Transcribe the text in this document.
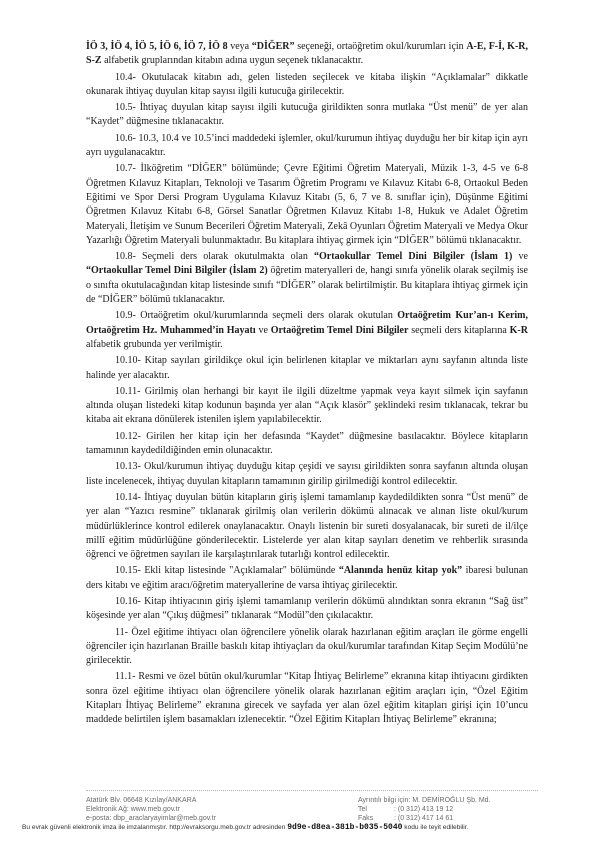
İÖ 3, İÖ 4, İÖ 5, İÖ 6, İÖ 7, İÖ 8 veya “DİĞER” seçeneği, ortaöğretim okul/kurumları için A-E, F-İ, K-R, S-Z alfabetik gruplarından kitabın adına uygun seçenek tıklanacaktır.

10.4- Okutulacak kitabın adı, gelen listeden seçilecek ve kitaba ilişkin “Açıklamalar” dikkatle okunarak ihtiyaç duyulan kitap sayısı ilgili kutucuğa girilecektir.

10.5- İhtiyaç duyulan kitap sayısı ilgili kutucuğa girildikten sonra mutlaka “Üst menü” de yer alan “Kaydet” düğmesine tıklanacaktır.

10.6- 10.3, 10.4 ve 10.5’inci maddedeki işlemler, okul/kurumun ihtiyaç duyduğu her bir kitap için ayrı ayrı uygulanacaktır.

10.7- İlköğretim “DİĞER” bölümünde; Çevre Eğitimi Öğretim Materyali, Müzik 1-3, 4-5 ve 6-8 Öğretmen Kılavuz Kitapları, Teknoloji ve Tasarım Öğretim Programı ve Kılavuz Kitabı 6-8, Ortaokul Beden Eğitimi ve Spor Dersi Program Uygulama Kılavuz Kitabı (5, 6, 7 ve 8. sınıflar için), Düşünme Eğitimi Öğretmen Kılavuz Kitabı 6-8, Görsel Sanatlar Öğretmen Kılavuz Kitabı 1-8, Hukuk ve Adalet Öğretim Materyali, İletişim ve Sunum Becerileri Öğretim Materyali, Zekâ Oyunları Öğretim Materyali ve Medya Okur Yazarlığı Öğretim Materyali bulunmaktadır. Bu kitaplara ihtiyaç girmek için “DİĞER” bölümü tıklanacaktır.

10.8- Seçmeli ders olarak okutulmakta olan “Ortaokullar Temel Dini Bilgiler (İslam 1) ve “Ortaokullar Temel Dini Bilgiler (İslam 2) öğretim materyalleri de, hangi sınıfa yönelik olarak seçilmiş ise o sınıfta okutulacağından kitap listesinde sınıfı “DİĞER” olarak belirtilmiştir. Bu kitaplara ihtiyaç girmek için de “DİĞER” bölümü tıklanacaktır.

10.9- Ortaöğretim okul/kurumlarında seçmeli ders olarak okutulan Ortaöğretim Kur’an-ı Kerim, Ortaöğretim Hz. Muhammed’in Hayatı ve Ortaöğretim Temel Dini Bilgiler seçmeli ders kitaplarına K-R alfabetik grubunda yer verilmiştir.

10.10- Kitap sayıları girildikçe okul için belirlenen kitaplar ve miktarları aynı sayfanın altında liste halinde yer alacaktır.

10.11- Girilmiş olan herhangi bir kayıt ile ilgili düzeltme yapmak veya kayıt silmek için sayfanın altında oluşan listedeki kitap kodunun başında yer alan “Açık klasör” şeklindeki resim tıklanacak, tekrar bu kitaba ait ekrana dönülerek istenilen işlem yapılabilecektir.

10.12- Girilen her kitap için her defasında “Kaydet” düğmesine basılacaktır. Böylece kitapların tamamının kaydedildiğinden emin olunacaktır.

10.13- Okul/kurumun ihtiyaç duyduğu kitap çeşidi ve sayısı girildikten sonra sayfanın altında oluşan liste incelenecek, ihtiyaç duyulan kitapların tamamının girilip girilmediği kontrol edilecektir.

10.14- İhtiyaç duyulan bütün kitapların giriş işlemi tamamlanıp kaydedildikten sonra “Üst menü” de yer alan “Yazıcı resmine” tıklanarak girilmiş olan verilerin dökümü alınacak ve alınan liste okul/kurum müdürlüklerince kontrol edilerek onaylanacaktır. Onaylı listenin bir sureti dosyalanacak, bir sureti de il/ilçe millî eğitim müdürlüğüne gönderilecektir. Listelerde yer alan kitap sayıları denetim ve rehberlik sırasında öğrenci ve öğretmen sayıları ile karşılaştırılarak tutarlığı kontrol edilecektir.

10.15- Ekli kitap listesinde "Açıklamalar" bölümünde “Alanında henüz kitap yok” ibaresi bulunan ders kitabı ve eğitim aracı/öğretim materyallerine de varsa ihtiyaç girilecektir.

10.16- Kitap ihtiyacının giriş işlemi tamamlanıp verilerin dökümü alındıktan sonra ekranın “Sağ üst” köşesinde yer alan “Çıkış düğmesi” tıklanarak “Modül”den çıkılacaktır.

11- Özel eğitime ihtiyacı olan öğrencilere yönelik olarak hazırlanan eğitim araçları ile görme engelli öğrenciler için hazırlanan Braille baskılı kitap ihtiyaçları da okul/kurumlar tarafından Kitap Seçim Modülü’ne girilecektir.

11.1- Resmi ve özel bütün okul/kurumlar “Kitap İhtiyaç Belirleme” ekranına kitap ihtiyacını girdikten sonra özel eğitime ihtiyacı olan öğrencilere yönelik olarak hazırlanan eğitim araçları için, “Özel Eğitim Kitapları İhtiyaç Belirleme” ekranına girecek ve sayfada yer alan özel eğitim kitapları girişi için 10’uncu maddede belirtilen işlem basamakları izlenecektir. “Özel Eğitim Kitapları İhtiyaç Belirleme” ekranına;

Atatürk Blv. 06648 Kızılay/ANKARA
Elektronik Ağ: www.meb.gov.tr
e-posta: dbp_araclaryayimlar@meb.gov.tr
Ayrıntılı bilgi için: M. DEMİROĞLU Şb. Md.
Tel	: (0 312) 413 19 12
Faks	: (0 312) 417 14 61
Bu evrak güvenli elektronik imza ile imzalanmıştır. http://evraksorgu.meb.gov.tr adresinden 9d9e-d8ea-381b-b035-5040 kodu ile teyit edilebilir.
